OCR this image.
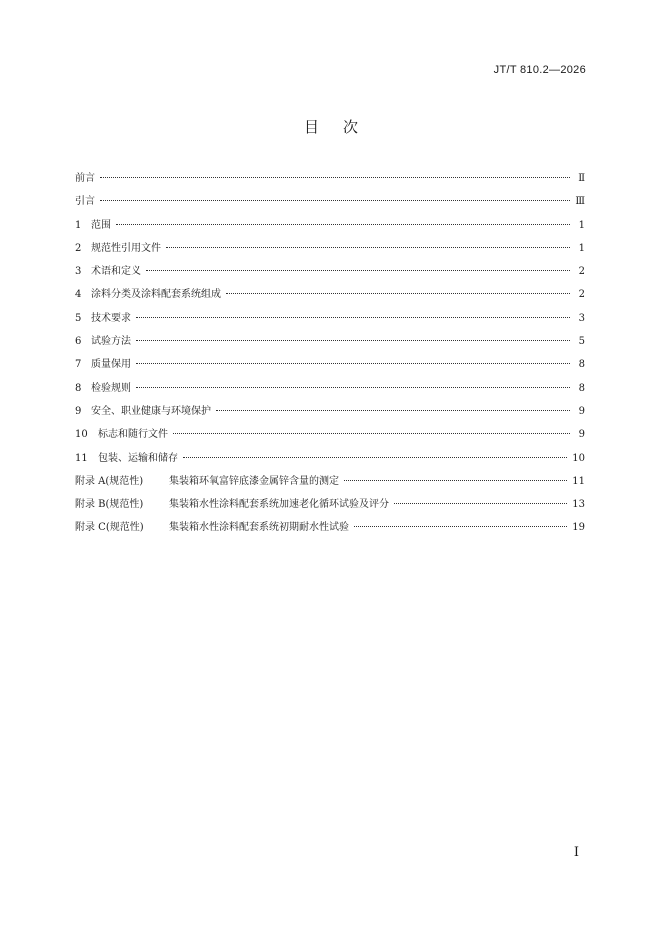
JT/T 810.2—2026
目次
前言	Ⅱ
引言	Ⅲ
1 范围	1
2 规范性引用文件	1
3 术语和定义	2
4 涂料分类及涂料配套系统组成	2
5 技术要求	3
6 试验方法	5
7 质量保用	8
8 检验规则	8
9 安全、职业健康与环境保护	9
10	标志和随行文件	9
11	包装、运输和储存	10
附录 A(规范性)	集装箱环氧富锌底漆金属锌含量的测定	11
附录 B(规范性)	集装箱水性涂料配套系统加速老化循环试验及评分	13
附录 C(规范性)	集装箱水性涂料配套系统初期耐水性试验	19
I
